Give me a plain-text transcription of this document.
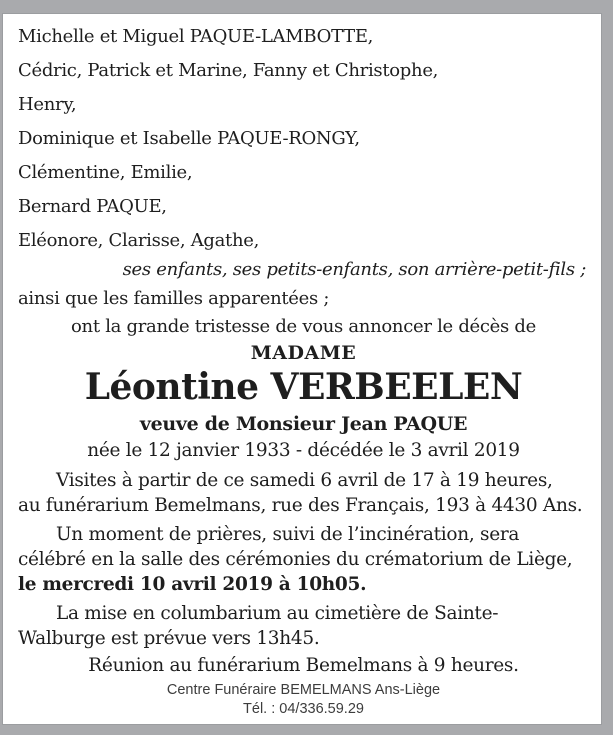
Michelle et Miguel PAQUE-LAMBOTTE,
Cédric, Patrick et Marine, Fanny et Christophe,
Henry,
Dominique et Isabelle PAQUE-RONGY,
Clémentine, Emilie,
Bernard PAQUE,
Eléonore, Clarisse, Agathe,
ses enfants, ses petits-enfants, son arrière-petit-fils ;
ainsi que les familles apparentées ;
ont la grande tristesse de vous annoncer le décès de
MADAME
Léontine VERBEELEN
veuve de Monsieur Jean PAQUE
née le 12 janvier 1933 - décédée le 3 avril 2019
Visites à partir de ce samedi 6 avril de 17 à 19 heures,
au funérarium Bemelmans, rue des Français, 193 à 4430 Ans.
Un moment de prières, suivi de l’incinération, sera
célébré en la salle des cérémonies du crématorium de Liège,
le mercredi 10 avril 2019 à 10h05.
La mise en columbarium au cimetière de Sainte-
Walburge est prévue vers 13h45.
Réunion au funérarium Bemelmans à 9 heures.
Centre Funéraire BEMELMANS Ans-Liège
Tél. : 04/336.59.29
